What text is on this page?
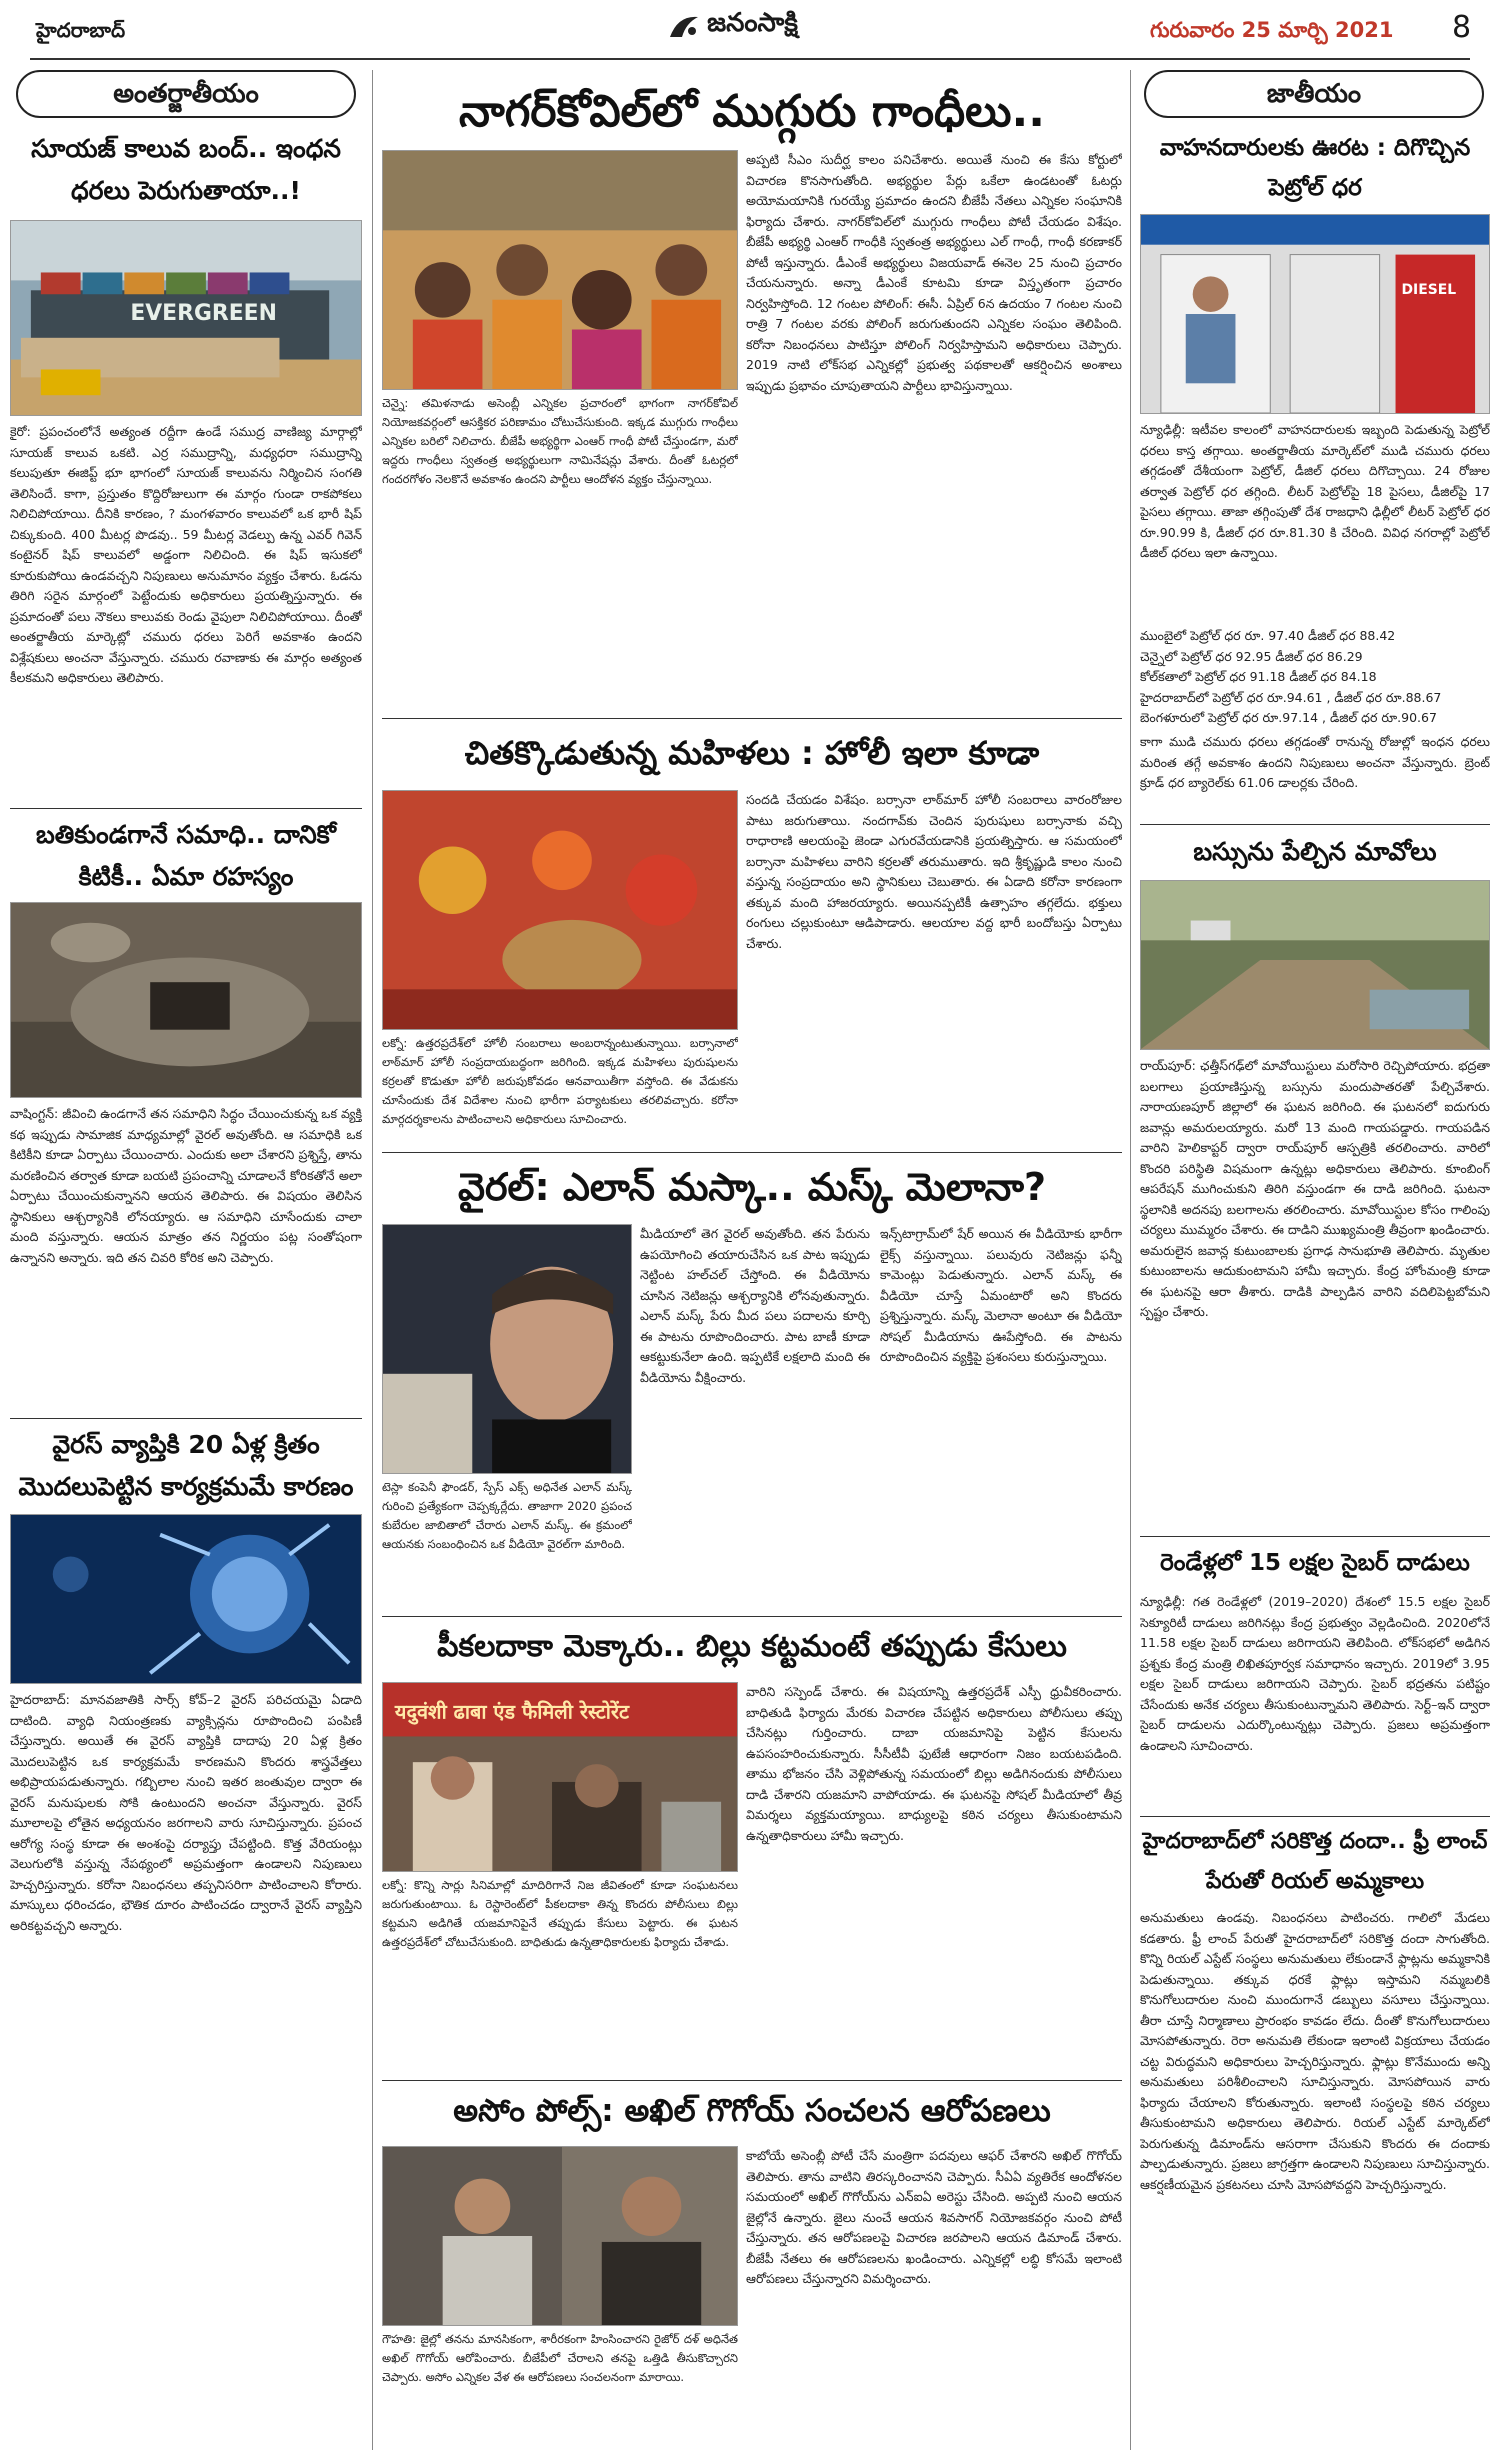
హైదరాబాద్	జనంసాక్షి	గురువారం 25 మార్చి 2021 8
అంతర్జాతీయం
సూయజ్‌ కాలువ బంద్‌.. ఇంధన ధరలు పెరుగుతాయా..!
EVERGREEN
కైరో: ప్రపంచంలోనే అత్యంత రద్దీగా ఉండే సముద్ర వాణిజ్య మార్గాల్లో సూయజ్‌ కాలువ ఒకటి. ఎర్ర సముద్రాన్ని, మధ్యధరా సముద్రాన్ని కలుపుతూ ఈజిప్ట్‌ భూ భాగంలో సూయజ్‌ కాలువను నిర్మించిన సంగతి తెలిసిందే. కాగా, ప్రస్తుతం కొద్దిరోజులుగా ఈ మార్గం గుండా రాకపోకలు నిలిచిపోయాయి. దీనికి కారణం, ? మంగళవారం కాలువలో ఒక భారీ షిప్‌ చిక్కుకుంది. 400 మీటర్ల పొడవు.. 59 మీటర్ల వెడల్పు ఉన్న ఎవర్‌ గివెన్‌ కంటైనర్‌ షిప్‌ కాలువలో అడ్డంగా నిలిచింది. ఈ షిప్‌ ఇసుకలో కూరుకుపోయి ఉండవచ్చని నిపుణులు అనుమానం వ్యక్తం చేశారు. ఓడను తిరిగి సరైన మార్గంలో పెట్టేందుకు అధికారులు ప్రయత్నిస్తున్నారు. ఈ ప్రమాదంతో పలు నౌకలు కాలువకు రెండు వైపులా నిలిచిపోయాయి. దీంతో అంతర్జాతీయ మార్కెట్లో చమురు ధరలు పెరిగే అవకాశం ఉందని విశ్లేషకులు అంచనా వేస్తున్నారు. చమురు రవాణాకు ఈ మార్గం అత్యంత కీలకమని అధికారులు తెలిపారు.
బతికుండగానే సమాధి.. దానికో కిటికీ.. ఏమా రహస్యం
వాషింగ్టన్‌: జీవించి ఉండగానే తన సమాధిని సిద్ధం చేయించుకున్న ఒక వ్యక్తి కథ ఇప్పుడు సామాజిక మాధ్యమాల్లో వైరల్‌ అవుతోంది. ఆ సమాధికి ఒక కిటికీని కూడా ఏర్పాటు చేయించారు. ఎందుకు అలా చేశారని ప్రశ్నిస్తే, తాను మరణించిన తర్వాత కూడా బయటి ప్రపంచాన్ని చూడాలనే కోరికతోనే అలా ఏర్పాటు చేయించుకున్నానని ఆయన తెలిపారు. ఈ విషయం తెలిసిన స్థానికులు ఆశ్చర్యానికి లోనయ్యారు. ఆ సమాధిని చూసేందుకు చాలా మంది వస్తున్నారు. ఆయన మాత్రం తన నిర్ణయం పట్ల సంతోషంగా ఉన్నానని అన్నారు. ఇది తన చివరి కోరిక అని చెప్పారు.
వైరస్‌ వ్యాప్తికి 20 ఏళ్ల క్రితం మొదలుపెట్టిన కార్యక్రమమే కారణం
హైదరాబాద్‌: మానవజాతికి సార్స్‌ కోవ్‌–2 వైరస్‌ పరిచయమై ఏడాది దాటింది. వ్యాధి నియంత్రణకు వ్యాక్సిన్లను రూపొందించి పంపిణీ చేస్తున్నారు. అయితే ఈ వైరస్‌ వ్యాప్తికి దాదాపు 20 ఏళ్ల క్రితం మొదలుపెట్టిన ఒక కార్యక్రమమే కారణమని కొందరు శాస్త్రవేత్తలు అభిప్రాయపడుతున్నారు. గబ్బిలాల నుంచి ఇతర జంతువుల ద్వారా ఈ వైరస్‌ మనుషులకు సోకి ఉంటుందని అంచనా వేస్తున్నారు. వైరస్‌ మూలాలపై లోతైన అధ్యయనం జరగాలని వారు సూచిస్తున్నారు. ప్రపంచ ఆరోగ్య సంస్థ కూడా ఈ అంశంపై దర్యాప్తు చేపట్టింది. కొత్త వేరియంట్లు వెలుగులోకి వస్తున్న నేపథ్యంలో అప్రమత్తంగా ఉండాలని నిపుణులు హెచ్చరిస్తున్నారు. కరోనా నిబంధనలు తప్పనిసరిగా పాటించాలని కోరారు. మాస్కులు ధరించడం, భౌతిక దూరం పాటించడం ద్వారానే వైరస్‌ వ్యాప్తిని అరికట్టవచ్చని అన్నారు.
నాగర్‌కోవిల్‌లో ముగ్గురు గాంధీలు..
చెన్నై: తమిళనాడు అసెంబ్లీ ఎన్నికల ప్రచారంలో భాగంగా నాగర్‌కోవిల్‌ నియోజకవర్గంలో ఆసక్తికర పరిణామం చోటుచేసుకుంది. ఇక్కడ ముగ్గురు గాంధీలు ఎన్నికల బరిలో నిలిచారు. బీజేపీ అభ్యర్థిగా ఎంఆర్‌ గాంధీ పోటీ చేస్తుండగా, మరో ఇద్దరు గాంధీలు స్వతంత్ర అభ్యర్థులుగా నామినేషన్లు వేశారు. దీంతో ఓటర్లలో గందరగోళం నెలకొనే అవకాశం ఉందని పార్టీలు ఆందోళన వ్యక్తం చేస్తున్నాయి.
అప్పటి సీఎం సుదీర్ఘ కాలం పనిచేశారు. అయితే నుంచి ఈ కేసు కోర్టులో విచారణ కొనసాగుతోంది. అభ్యర్థుల పేర్లు ఒకేలా ఉండటంతో ఓటర్లు అయోమయానికి గురయ్యే ప్రమాదం ఉందని బీజేపీ నేతలు ఎన్నికల సంఘానికి ఫిర్యాదు చేశారు. నాగర్‌కోవిల్‌లో ముగ్గురు గాంధీలు పోటీ చేయడం విశేషం. బీజేపీ అభ్యర్థి ఎంఆర్‌ గాంధీకి స్వతంత్ర అభ్యర్థులు ఎల్‌ గాంధీ, గాంధీ కరణాకర్‌ పోటీ ఇస్తున్నారు. డీఎంకే అభ్యర్థులు విజయవాడ్‌ ఈనెల 25 నుంచి ప్రచారం చేయనున్నారు. అన్నా డీఎంకే కూటమి కూడా విస్తృతంగా ప్రచారం నిర్వహిస్తోంది. 12 గంటల పోలింగ్‌: ఈసీ. ఏప్రిల్‌ 6న ఉదయం 7 గంటల నుంచి రాత్రి 7 గంటల వరకు పోలింగ్‌ జరుగుతుందని ఎన్నికల సంఘం తెలిపింది. కరోనా నిబంధనలు పాటిస్తూ పోలింగ్‌ నిర్వహిస్తామని అధికారులు చెప్పారు. 2019 నాటి లోక్‌సభ ఎన్నికల్లో ప్రభుత్వ పథకాలతో ఆకర్షించిన అంశాలు ఇప్పుడు ప్రభావం చూపుతాయని పార్టీలు భావిస్తున్నాయి.
చితక్కొడుతున్న మహిళలు : హోలీ ఇలా కూడా
లక్నో: ఉత్తరప్రదేశ్‌లో హోలీ సంబరాలు అంబరాన్నంటుతున్నాయి. బర్సానాలో లాఠ్‌మార్‌ హోలీ సంప్రదాయబద్ధంగా జరిగింది. ఇక్కడ మహిళలు పురుషులను కర్రలతో కొడుతూ హోలీ జరుపుకోవడం ఆనవాయితీగా వస్తోంది. ఈ వేడుకను చూసేందుకు దేశ విదేశాల నుంచి భారీగా పర్యాటకులు తరలివచ్చారు. కరోనా మార్గదర్శకాలను పాటించాలని అధికారులు సూచించారు.
సందడి చేయడం విశేషం. బర్సానా లాఠ్‌మార్‌ హోలీ సంబరాలు వారంరోజుల పాటు జరుగుతాయి. నందగావ్‌కు చెందిన పురుషులు బర్సానాకు వచ్చి రాధారాణి ఆలయంపై జెండా ఎగురవేయడానికి ప్రయత్నిస్తారు. ఆ సమయంలో బర్సానా మహిళలు వారిని కర్రలతో తరుముతారు. ఇది శ్రీకృష్ణుడి కాలం నుంచి వస్తున్న సంప్రదాయం అని స్థానికులు చెబుతారు. ఈ ఏడాది కరోనా కారణంగా తక్కువ మంది హాజరయ్యారు. అయినప్పటికీ ఉత్సాహం తగ్గలేదు. భక్తులు రంగులు చల్లుకుంటూ ఆడిపాడారు. ఆలయాల వద్ద భారీ బందోబస్తు ఏర్పాటు చేశారు.
వైరల్‌: ఎలాన్‌ మస్కా.. మస్క్‌ మెలానా?
టెస్లా కంపెనీ ఫౌండర్‌, స్పేస్‌ ఎక్స్‌ అధినేత ఎలాన్‌ మస్క్‌ గురించి ప్రత్యేకంగా చెప్పక్కర్లేదు. తాజాగా 2020 ప్రపంచ కుబేరుల జాబితాలో చేరారు ఎలాన్‌ మస్క్‌. ఈ క్రమంలో ఆయనకు సంబంధించిన ఒక వీడియో వైరల్‌గా మారింది.
మీడియాలో తెగ వైరల్‌ అవుతోంది. తన పేరును ఉపయోగించి తయారుచేసిన ఒక పాట ఇప్పుడు నెట్టింట హల్‌చల్‌ చేస్తోంది. ఈ వీడియోను చూసిన నెటిజన్లు ఆశ్చర్యానికి లోనవుతున్నారు. ఎలాన్‌ మస్క్‌ పేరు మీద పలు పదాలను కూర్చి ఈ పాటను రూపొందించారు. పాట బాణీ కూడా ఆకట్టుకునేలా ఉంది. ఇప్పటికే లక్షలాది మంది ఈ వీడియోను వీక్షించారు.
ఇన్స్‌టాగ్రామ్‌లో షేర్‌ అయిన ఈ వీడియోకు భారీగా లైక్స్‌ వస్తున్నాయి. పలువురు నెటిజన్లు ఫన్నీ కామెంట్లు పెడుతున్నారు. ఎలాన్‌ మస్క్‌ ఈ వీడియో చూస్తే ఏమంటారో అని కొందరు ప్రశ్నిస్తున్నారు. మస్క్‌ మెలానా అంటూ ఈ వీడియో సోషల్‌ మీడియాను ఊపేస్తోంది. ఈ పాటను రూపొందించిన వ్యక్తిపై ప్రశంసలు కురుస్తున్నాయి.
పీకలదాకా మెక్కారు.. బిల్లు కట్టమంటే తప్పుడు కేసులు
यदुवंशी ढाबा एंड फैमिली रेस्टोरेंट
లక్నో: కొన్ని సార్లు సినిమాల్లో మాదిరిగానే నిజ జీవితంలో కూడా సంఘటనలు జరుగుతుంటాయి. ఓ రెస్టారెంట్‌లో పీకలదాకా తిన్న కొందరు పోలీసులు బిల్లు కట్టమని అడిగితే యజమానిపైనే తప్పుడు కేసులు పెట్టారు. ఈ ఘటన ఉత్తరప్రదేశ్‌లో చోటుచేసుకుంది. బాధితుడు ఉన్నతాధికారులకు ఫిర్యాదు చేశాడు.
వారిని సస్పెండ్‌ చేశారు. ఈ విషయాన్ని ఉత్తరప్రదేశ్‌ ఎస్పీ ధ్రువీకరించారు. బాధితుడి ఫిర్యాదు మేరకు విచారణ చేపట్టిన అధికారులు పోలీసులు తప్పు చేసినట్లు గుర్తించారు. దాబా యజమానిపై పెట్టిన కేసులను ఉపసంహరించుకున్నారు. సీసీటీవీ ఫుటేజీ ఆధారంగా నిజం బయటపడింది. తాము భోజనం చేసి వెళ్లిపోతున్న సమయంలో బిల్లు అడిగినందుకు పోలీసులు దాడి చేశారని యజమాని వాపోయాడు. ఈ ఘటనపై సోషల్‌ మీడియాలో తీవ్ర విమర్శలు వ్యక్తమయ్యాయి. బాధ్యులపై కఠిన చర్యలు తీసుకుంటామని ఉన్నతాధికారులు హామీ ఇచ్చారు.
అసోం పోల్స్‌: అఖిల్‌ గొగోయ్‌ సంచలన ఆరోపణలు
గౌహతి: జైల్లో తనను మానసికంగా, శారీరకంగా హింసించారని రైజోర్‌ దళ్‌ అధినేత అఖిల్‌ గొగోయ్‌ ఆరోపించారు. బీజేపీలో చేరాలని తనపై ఒత్తిడి తీసుకొచ్చారని చెప్పారు. అసోం ఎన్నికల వేళ ఈ ఆరోపణలు సంచలనంగా మారాయి.
కాబోయే అసెంబ్లీ పోటీ చేసే మంత్రిగా పదవులు ఆఫర్‌ చేశారని అఖిల్‌ గొగోయ్‌ తెలిపారు. తాను వాటిని తిరస్కరించానని చెప్పారు. సీఏఏ వ్యతిరేక ఆందోళనల సమయంలో అఖిల్‌ గొగోయ్‌ను ఎన్‌ఐఏ అరెస్టు చేసింది. అప్పటి నుంచి ఆయన జైల్లోనే ఉన్నారు. జైలు నుంచే ఆయన శివసాగర్‌ నియోజకవర్గం నుంచి పోటీ చేస్తున్నారు. తన ఆరోపణలపై విచారణ జరపాలని ఆయన డిమాండ్‌ చేశారు. బీజేపీ నేతలు ఈ ఆరోపణలను ఖండించారు. ఎన్నికల్లో లబ్ధి కోసమే ఇలాంటి ఆరోపణలు చేస్తున్నారని విమర్శించారు.
జాతీయం
వాహనదారులకు ఊరట : దిగొచ్చిన పెట్రోల్‌ ధర
DIESEL
న్యూఢిల్లీ: ఇటీవల కాలంలో వాహనదారులకు ఇబ్బంది పెడుతున్న పెట్రోల్‌ ధరలు కాస్త తగ్గాయి. అంతర్జాతీయ మార్కెట్‌లో ముడి చమురు ధరలు తగ్గడంతో దేశీయంగా పెట్రోల్‌, డీజిల్‌ ధరలు దిగొచ్చాయి. 24 రోజుల తర్వాత పెట్రోల్‌ ధర తగ్గింది. లీటర్‌ పెట్రోల్‌పై 18 పైసలు, డీజిల్‌పై 17 పైసలు తగ్గాయి. తాజా తగ్గింపుతో దేశ రాజధాని ఢిల్లీలో లీటర్‌ పెట్రోల్‌ ధర రూ.90.99 కి, డీజిల్‌ ధర రూ.81.30 కి చేరింది. వివిధ నగరాల్లో పెట్రోల్‌ డీజిల్‌ ధరలు ఇలా ఉన్నాయి.
ముంబైలో పెట్రోల్‌ ధర రూ. 97.40 డీజిల్‌ ధర 88.42
చెన్నైలో పెట్రోల్‌ ధర 92.95 డీజిల్‌ ధర 86.29
కోల్‌కతాలో పెట్రోల్‌ ధర 91.18 డీజిల్‌ ధర 84.18
హైదరాబాద్‌లో పెట్రోల్‌ ధర రూ.94.61 , డీజిల్‌ ధర రూ.88.67
బెంగళూరులో పెట్రోల్‌ ధర రూ.97.14 , డీజిల్‌ ధర రూ.90.67
కాగా ముడి చమురు ధరలు తగ్గడంతో రానున్న రోజుల్లో ఇంధన ధరలు మరింత తగ్గే అవకాశం ఉందని నిపుణులు అంచనా వేస్తున్నారు. బ్రెంట్‌ క్రూడ్‌ ధర బ్యారెల్‌కు 61.06 డాలర్లకు చేరింది.
బస్సును పేల్చిన మావోలు
రాయ్‌పూర్‌: ఛత్తీస్‌గఢ్‌లో మావోయిస్టులు మరోసారి రెచ్చిపోయారు. భద్రతా బలగాలు ప్రయాణిస్తున్న బస్సును మందుపాతరతో పేల్చివేశారు. నారాయణపూర్‌ జిల్లాలో ఈ ఘటన జరిగింది. ఈ ఘటనలో ఐదుగురు జవాన్లు అమరులయ్యారు. మరో 13 మంది గాయపడ్డారు. గాయపడిన వారిని హెలికాప్టర్‌ ద్వారా రాయ్‌పూర్‌ ఆస్పత్రికి తరలించారు. వారిలో కొందరి పరిస్థితి విషమంగా ఉన్నట్లు అధికారులు తెలిపారు. కూంబింగ్‌ ఆపరేషన్‌ ముగించుకుని తిరిగి వస్తుండగా ఈ దాడి జరిగింది. ఘటనా స్థలానికి అదనపు బలగాలను తరలించారు. మావోయిస్టుల కోసం గాలింపు చర్యలు ముమ్మరం చేశారు. ఈ దాడిని ముఖ్యమంత్రి తీవ్రంగా ఖండించారు. అమరులైన జవాన్ల కుటుంబాలకు ప్రగాఢ సానుభూతి తెలిపారు. మృతుల కుటుంబాలను ఆదుకుంటామని హామీ ఇచ్చారు. కేంద్ర హోంమంత్రి కూడా ఈ ఘటనపై ఆరా తీశారు. దాడికి పాల్పడిన వారిని వదిలిపెట్టబోమని స్పష్టం చేశారు.
రెండేళ్లలో 15 లక్షల సైబర్‌ దాడులు
న్యూఢిల్లీ: గత రెండేళ్లలో (2019–2020) దేశంలో 15.5 లక్షల సైబర్‌ సెక్యూరిటీ దాడులు జరిగినట్లు కేంద్ర ప్రభుత్వం వెల్లడించింది. 2020లోనే 11.58 లక్షల సైబర్‌ దాడులు జరిగాయని తెలిపింది. లోక్‌సభలో అడిగిన ప్రశ్నకు కేంద్ర మంత్రి లిఖితపూర్వక సమాధానం ఇచ్చారు. 2019లో 3.95 లక్షల సైబర్‌ దాడులు జరిగాయని చెప్పారు. సైబర్‌ భద్రతను పటిష్టం చేసేందుకు అనేక చర్యలు తీసుకుంటున్నామని తెలిపారు. సెర్ట్‌–ఇన్‌ ద్వారా సైబర్‌ దాడులను ఎదుర్కొంటున్నట్లు చెప్పారు. ప్రజలు అప్రమత్తంగా ఉండాలని సూచించారు.
హైదరాబాద్‌లో సరికొత్త దందా.. ఫ్రీ లాంచ్‌ పేరుతో రియల్‌ అమ్మకాలు
అనుమతులు ఉండవు. నిబంధనలు పాటించరు. గాలిలో మేడలు కడతారు. ఫ్రీ లాంచ్‌ పేరుతో హైదరాబాద్‌లో సరికొత్త దందా సాగుతోంది. కొన్ని రియల్‌ ఎస్టేట్‌ సంస్థలు అనుమతులు లేకుండానే ఫ్లాట్లను అమ్మకానికి పెడుతున్నాయి. తక్కువ ధరకే ఫ్లాట్లు ఇస్తామని నమ్మబలికి కొనుగోలుదారుల నుంచి ముందుగానే డబ్బులు వసూలు చేస్తున్నాయి. తీరా చూస్తే నిర్మాణాలు ప్రారంభం కావడం లేదు. దీంతో కొనుగోలుదారులు మోసపోతున్నారు. రెరా అనుమతి లేకుండా ఇలాంటి విక్రయాలు చేయడం చట్ట విరుద్ధమని అధికారులు హెచ్చరిస్తున్నారు. ఫ్లాట్లు కొనేముందు అన్ని అనుమతులు పరిశీలించాలని సూచిస్తున్నారు. మోసపోయిన వారు ఫిర్యాదు చేయాలని కోరుతున్నారు. ఇలాంటి సంస్థలపై కఠిన చర్యలు తీసుకుంటామని అధికారులు తెలిపారు. రియల్‌ ఎస్టేట్‌ మార్కెట్‌లో పెరుగుతున్న డిమాండ్‌ను ఆసరాగా చేసుకుని కొందరు ఈ దందాకు పాల్పడుతున్నారు. ప్రజలు జాగ్రత్తగా ఉండాలని నిపుణులు సూచిస్తున్నారు. ఆకర్షణీయమైన ప్రకటనలు చూసి మోసపోవద్దని హెచ్చరిస్తున్నారు.
